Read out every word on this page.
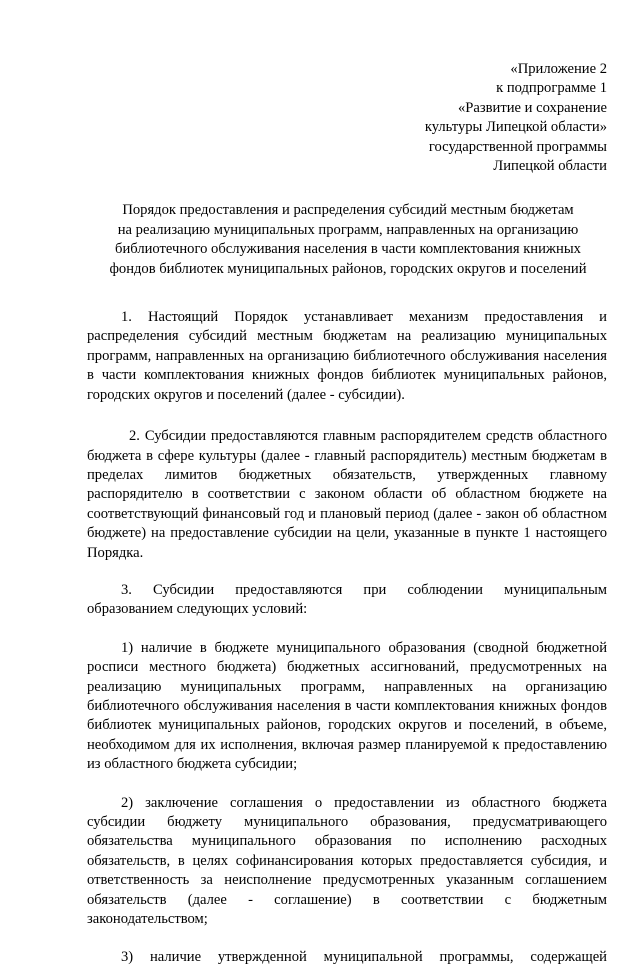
«Приложение 2
к подпрограмме 1
«Развитие и сохранение
культуры Липецкой области»
государственной программы
Липецкой области
Порядок предоставления и распределения субсидий местным бюджетам
на реализацию муниципальных программ, направленных на организацию
библиотечного обслуживания населения в части комплектования книжных
фондов библиотек муниципальных районов, городских округов и поселений

1. Настоящий Порядок устанавливает механизм предоставления и распределения субсидий местным бюджетам на реализацию муниципальных программ, направленных на организацию библиотечного обслуживания населения в части комплектования книжных фондов библиотек муниципальных районов, городских округов и поселений (далее - субсидии).

2. Субсидии предоставляются главным распорядителем средств областного бюджета в сфере культуры (далее - главный распорядитель) местным бюджетам в пределах лимитов бюджетных обязательств, утвержденных главному распорядителю в соответствии с законом области об областном бюджете на соответствующий финансовый год и плановый период (далее - закон об областном бюджете) на предоставление субсидии на цели, указанные в пункте 1 настоящего Порядка.

3. Субсидии предоставляются при соблюдении муниципальным образованием следующих условий:

1) наличие в бюджете муниципального образования (сводной бюджетной росписи местного бюджета) бюджетных ассигнований, предусмотренных на реализацию муниципальных программ, направленных на организацию библиотечного обслуживания населения в части комплектования книжных фондов библиотек муниципальных районов, городских округов и поселений, в объеме, необходимом для их исполнения, включая размер планируемой к предоставлению из областного бюджета субсидии;

2) заключение соглашения о предоставлении из областного бюджета субсидии бюджету муниципального образования, предусматривающего обязательства муниципального образования по исполнению расходных обязательств, в целях софинансирования которых предоставляется субсидия, и ответственность за неисполнение предусмотренных указанным соглашением обязательств (далее - соглашение) в соответствии с бюджетным законодательством;

3) наличие утвержденной муниципальной программы, содержащей
